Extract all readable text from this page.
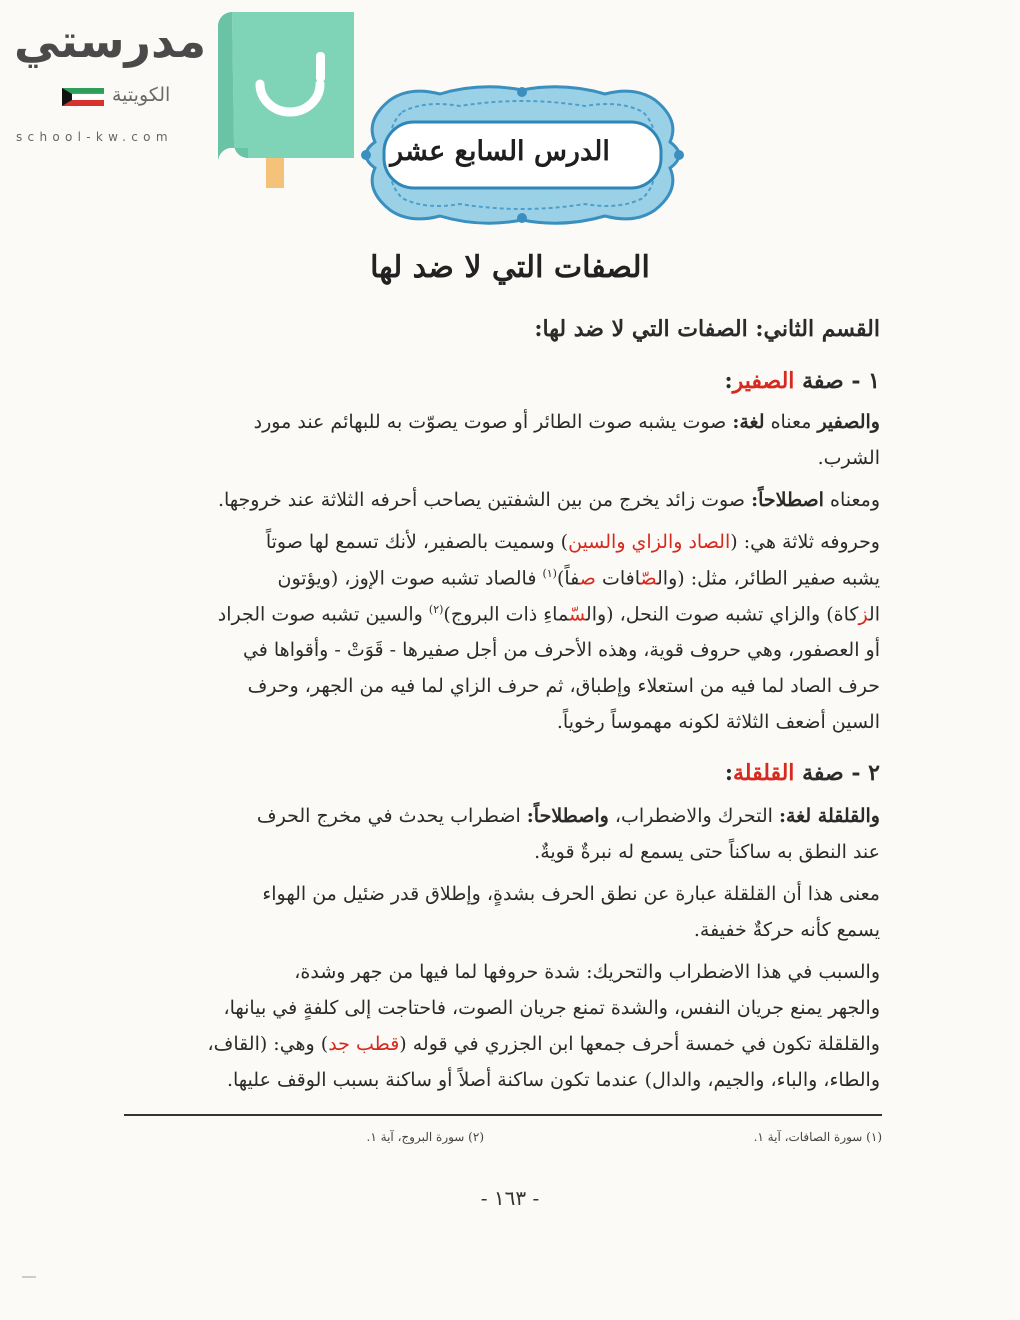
مدرستي
الكويتية
school-kw.com	الدرس السابع عشر
الصفات التي لا ضد لها
القسم الثاني: الصفات التي لا ضد لها:
١ - صفة الصفير:
والصفير معناه لغة: صوت يشبه صوت الطائر أو صوت يصوّت به للبهائم عند مورد
الشرب.
ومعناه اصطلاحاً: صوت زائد يخرج من بين الشفتين يصاحب أحرفه الثلاثة عند خروجها.
وحروفه ثلاثة هي: (الصاد والزاي والسين) وسميت بالصفير، لأنك تسمع لها صوتاً
يشبه صفير الطائر، مثل: (والصّافات صفاً)$^{(١)}$ فالصاد تشبه صوت الإوز، (ويؤتون
الزكاة) والزاي تشبه صوت النحل، (والسّماءِ ذات البروج)$^{(٢)}$ والسين تشبه صوت الجراد
أو العصفور، وهي حروف قوية، وهذه الأحرف من أجل صفيرها - قَوَتْ - وأقواها في
حرف الصاد لما فيه من استعلاء وإطباق، ثم حرف الزاي لما فيه من الجهر، وحرف
السين أضعف الثلاثة لكونه مهموساً رخوياً.
٢ - صفة القلقلة:
والقلقلة لغة: التحرك والاضطراب، واصطلاحاً: اضطراب يحدث في مخرج الحرف
عند النطق به ساكناً حتى يسمع له نبرةٌ قويةٌ.
معنى هذا أن القلقلة عبارة عن نطق الحرف بشدةٍ، وإطلاق قدر ضئيل من الهواء
يسمع كأنه حركةٌ خفيفة.
والسبب في هذا الاضطراب والتحريك: شدة حروفها لما فيها من جهر وشدة،
والجهر يمنع جريان النفس، والشدة تمنع جريان الصوت، فاحتاجت إلى كلفةٍ في بيانها،
والقلقلة تكون في خمسة أحرف جمعها ابن الجزري في قوله (قطب جد) وهي: (القاف،
والطاء، والباء، والجيم، والدال) عندما تكون ساكنة أصلاً أو ساكنة بسبب الوقف عليها.
(١) سورة الصافات، آية ١.
(٢) سورة البروج، آية ١.
- ١٦٣ -
